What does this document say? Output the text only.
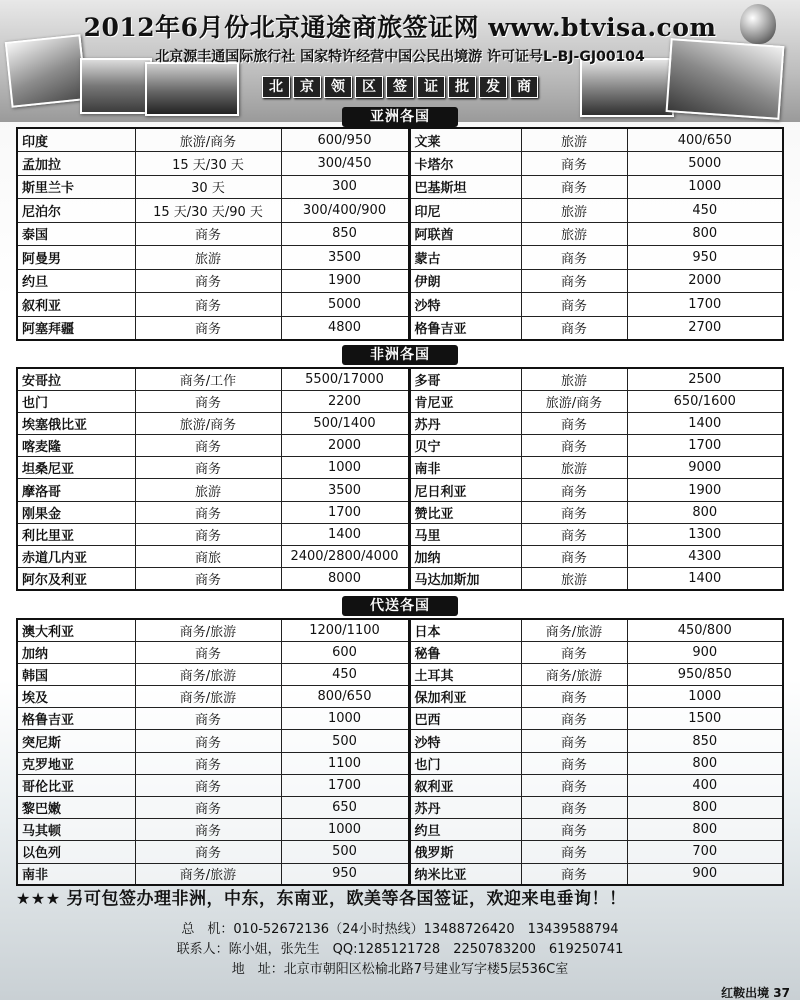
2012年6月份北京通途商旅签证网 www.btvisa.com
北京源丰通国际旅行社 国家特许经营中国公民出境游 许可证号L-BJ-GJ00104
北	京	领	区	签	证	批	发	商
亚洲各国
印度	旅游/商务	600/950	文莱	旅游	400/650
孟加拉	15 天/30 天	300/450	卡塔尔	商务	5000
斯里兰卡	30 天	300	巴基斯坦	商务	1000
尼泊尔	15 天/30 天/90 天	300/400/900	印尼	旅游	450
泰国	商务	850	阿联酋	旅游	800
阿曼男	旅游	3500	蒙古	商务	950
约旦	商务	1900	伊朗	商务	2000
叙利亚	商务	5000	沙特	商务	1700
阿塞拜疆	商务	4800	格鲁吉亚	商务	2700
非洲各国
安哥拉	商务/工作	5500/17000	多哥	旅游	2500
也门	商务	2200	肯尼亚	旅游/商务	650/1600
埃塞俄比亚	旅游/商务	500/1400	苏丹	商务	1400
喀麦隆	商务	2000	贝宁	商务	1700
坦桑尼亚	商务	1000	南非	旅游	9000
摩洛哥	旅游	3500	尼日利亚	商务	1900
刚果金	商务	1700	赞比亚	商务	800
利比里亚	商务	1400	马里	商务	1300
赤道几内亚	商旅	2400/2800/4000	加纳	商务	4300
阿尔及利亚	商务	8000	马达加斯加	旅游	1400
代送各国
澳大利亚	商务/旅游	1200/1100	日本	商务/旅游	450/800
加纳	商务	600	秘鲁	商务	900
韩国	商务/旅游	450	土耳其	商务/旅游	950/850
埃及	商务/旅游	800/650	保加利亚	商务	1000
格鲁吉亚	商务	1000	巴西	商务	1500
突尼斯	商务	500	沙特	商务	850
克罗地亚	商务	1100	也门	商务	800
哥伦比亚	商务	1700	叙利亚	商务	400
黎巴嫩	商务	650	苏丹	商务	800
马其顿	商务	1000	约旦	商务	800
以色列	商务	500	俄罗斯	商务	700
南非	商务/旅游	950	纳米比亚	商务	900
★★★ 另可包签办理非洲，中东，东南亚，欧美等各国签证，欢迎来电垂询！！
总　机：010-52672136（24小时热线）13488726420　13439588794
联系人：陈小姐，张先生　QQ:1285121728　2250783200　619250741
地　址：北京市朝阳区松榆北路7号建业写字楼5层536C室
红鞍出境 37
